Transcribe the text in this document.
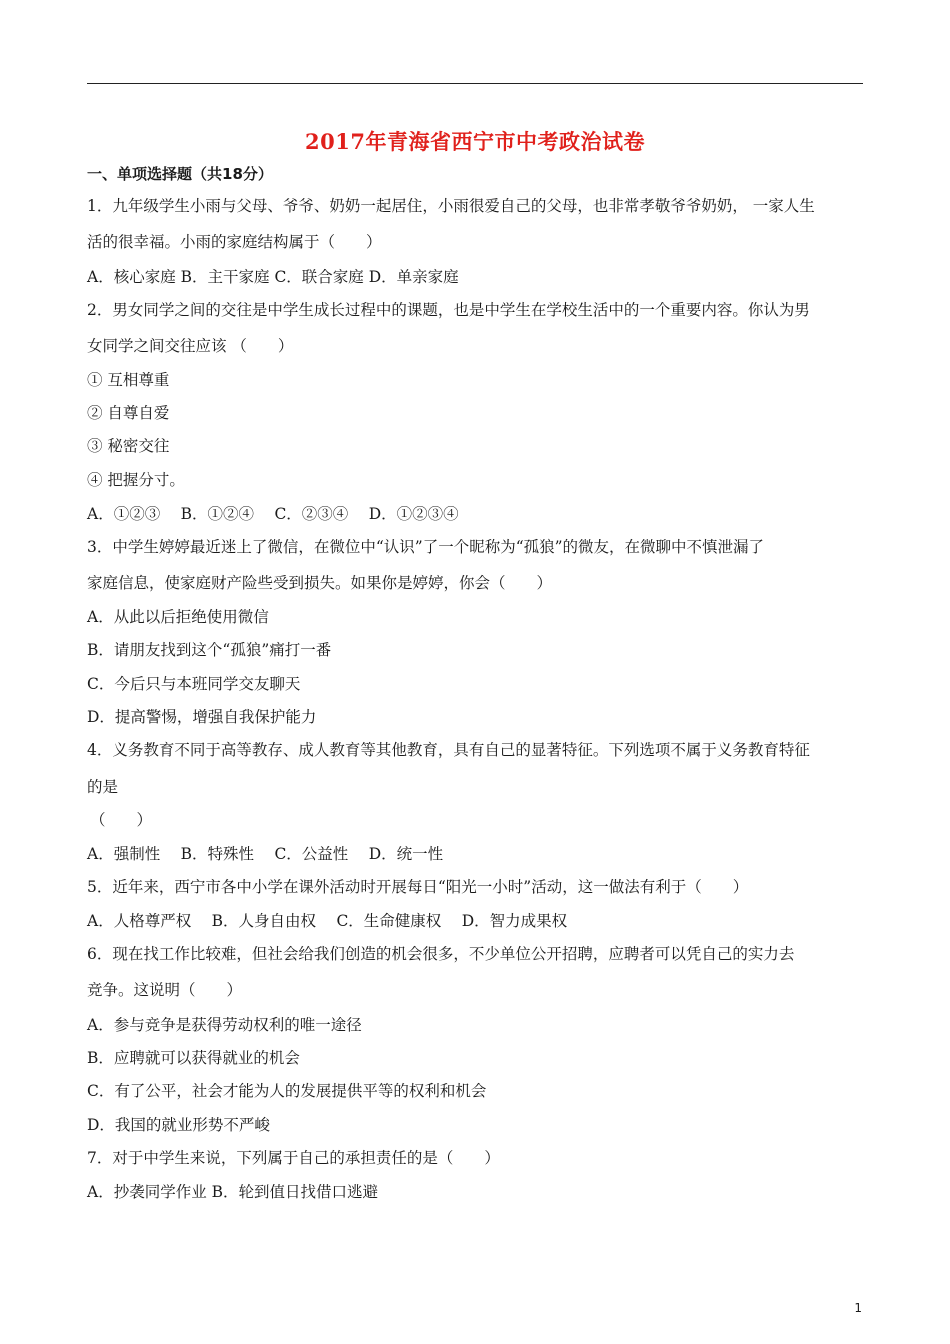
2017年青海省西宁市中考政治试卷
一、单项选择题（共18分）
1．九年级学生小雨与父母、爷爷、奶奶一起居住，小雨很爱自己的父母，也非常孝敬爷爷奶奶， 一家人生
活的很幸福。小雨的家庭结构属于（　　）
A．核心家庭 B．主干家庭 C．联合家庭 D．单亲家庭
2．男女同学之间的交往是中学生成长过程中的课题，也是中学生在学校生活中的一个重要内容。你认为男
女同学之间交往应该 （　　）
① 互相尊重
② 自尊自爱
③ 秘密交往
④ 把握分寸。
A．①②③　 B．①②④　 C．②③④　 D．①②③④
3．中学生婷婷最近迷上了微信，在微位中“认识”了一个昵称为“孤狼”的微友，在微聊中不慎泄漏了
家庭信息，使家庭财产险些受到损失。如果你是婷婷，你会（　　）
A．从此以后拒绝使用微信
B．请朋友找到这个“孤狼”痛打一番
C．今后只与本班同学交友聊天
D．提高警惕，增强自我保护能力
4．义务教育不同于高等教存、成人教育等其他教育，具有自己的显著特征。下列选项不属于义务教育特征
的是
（　　）
A．强制性　 B．特殊性　 C．公益性　 D．统一性
5．近年来，西宁市各中小学在课外活动时开展每日“阳光一小时”活动，这一做法有利于（　　）
A．人格尊严权　 B．人身自由权　 C．生命健康权　 D．智力成果权
6．现在找工作比较难，但社会给我们创造的机会很多，不少单位公开招聘，应聘者可以凭自己的实力去
竞争。这说明（　　）
A．参与竞争是获得劳动权利的唯一途径
B．应聘就可以获得就业的机会
C．有了公平，社会才能为人的发展提供平等的权利和机会
D．我国的就业形势不严峻
7．对于中学生来说，下列属于自己的承担责任的是（　　）
A．抄袭同学作业 B．轮到值日找借口逃避
1
